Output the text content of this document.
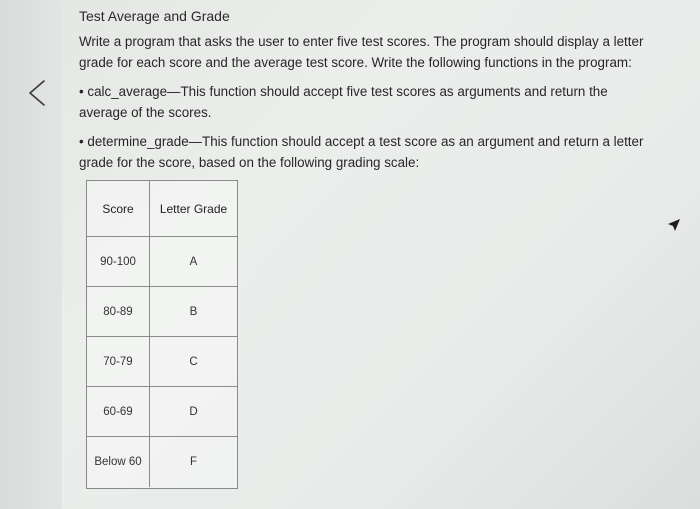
Test Average and Grade
Write a program that asks the user to enter five test scores. The program should display a letter
grade for each score and the average test score. Write the following functions in the program:
• calc_average—This function should accept five test scores as arguments and return the
average of the scores.
• determine_grade—This function should accept a test score as an argument and return a letter
grade for the score, based on the following grading scale:
Score	Letter Grade
90-100	A
80-89	B
70-79	C
60-69	D
Below 60	F
